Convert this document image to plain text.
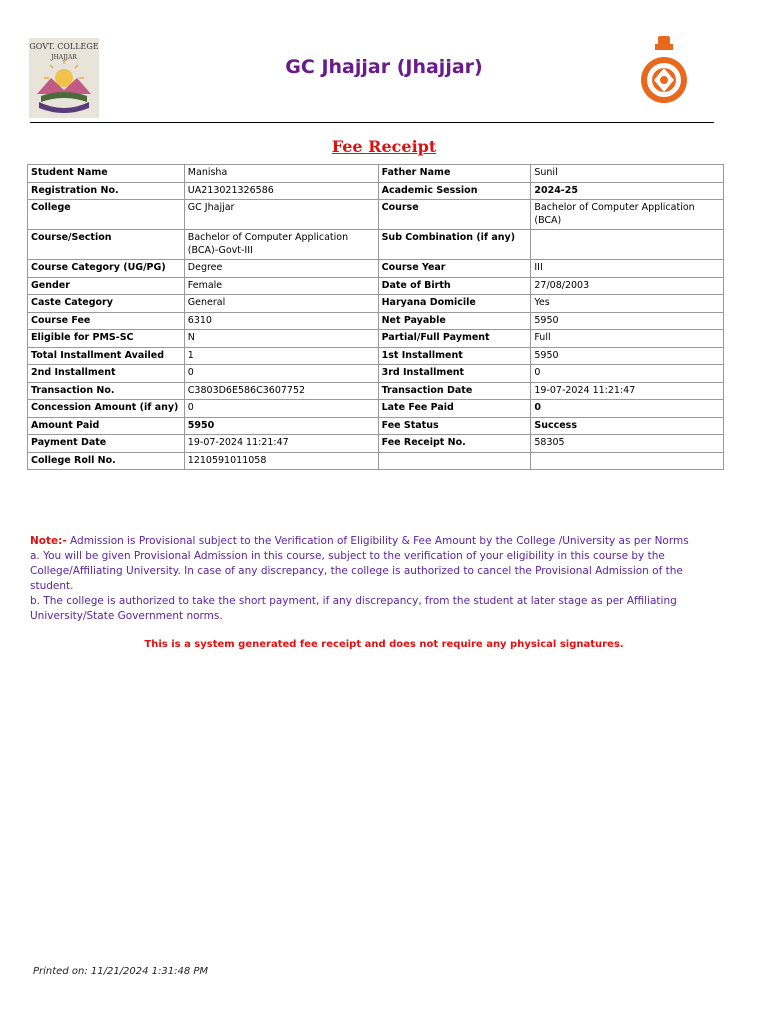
GOVT. COLLEGE
JHAJJAR	GC Jhajjar (Jhajjar)
Fee Receipt
Student Name	Manisha	Father Name	Sunil
Registration No.	UA213021326586	Academic Session	2024-25
College	GC Jhajjar	Course	Bachelor of Computer Application (BCA)
Course/Section	Bachelor of Computer Application (BCA)-Govt-III	Sub Combination (if any)	
Course Category (UG/PG)	Degree	Course Year	III
Gender	Female	Date of Birth	27/08/2003
Caste Category	General	Haryana Domicile	Yes
Course Fee	6310	Net Payable	5950
Eligible for PMS-SC	N	Partial/Full Payment	Full
Total Installment Availed	1	1st Installment	5950
2nd Installment	0	3rd Installment	0
Transaction No.	C3803D6E586C3607752	Transaction Date	19-07-2024 11:21:47
Concession Amount (if any)	0	Late Fee Paid	0
Amount Paid	5950	Fee Status	Success
Payment Date	19-07-2024 11:21:47	Fee Receipt No.	58305
College Roll No.	1210591011058		

Note:- Admission is Provisional subject to the Verification of Eligibility & Fee Amount by the College /University as per Norms

a. You will be given Provisional Admission in this course, subject to the verification of your eligibility in this course by the College/Affiliating University. In case of any discrepancy, the college is authorized to cancel the Provisional Admission of the student.

b. The college is authorized to take the short payment, if any discrepancy, from the student at later stage as per Affiliating University/State Government norms.

This is a system generated fee receipt and does not require any physical signatures.
Printed on: 11/21/2024 1:31:48 PM
